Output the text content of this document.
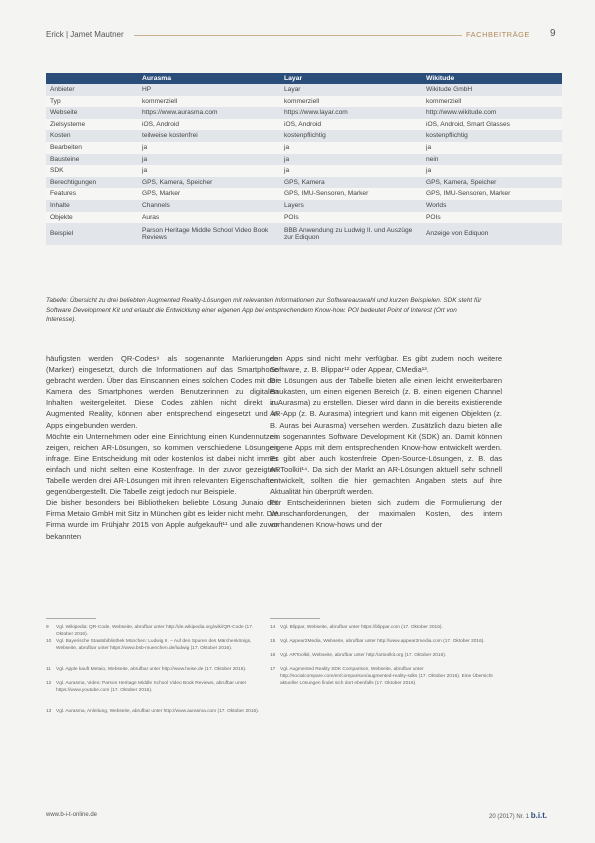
Erick | Jamet Mautner	FACHBEITRÄGE 9
	Aurasma	Layar	Wikitude
Anbieter	HP	Layar	Wikitude GmbH
Typ	kommerziell	kommerziell	kommerziell
Webseite	https://www.aurasma.com	https://www.layar.com	http://www.wikitude.com
Zielsysteme	iOS, Android	iOS, Android	iOS, Android, Smart Glasses
Kosten	teilweise kostenfrei	kostenpflichtig	kostenpflichtig
Bearbeiten	ja	ja	ja
Bausteine	ja	ja	nein
SDK	ja	ja	ja
Berechtigungen	GPS, Kamera, Speicher	GPS, Kamera	GPS, Kamera, Speicher
Features	GPS, Marker	GPS, IMU-Sensoren, Marker	GPS, IMU-Sensoren, Marker
Inhalte	Channels	Layers	Worlds
Objekte	Auras	POIs	POIs
Beispiel	Parson Heritage Middle School Video Book Reviews	BBB Anwendung zu Ludwig II. und Auszüge zur Ediquon	Anzeige von Ediquon
Tabelle: Übersicht zu drei beliebten Augmented Reality-Lösungen mit relevanten Informationen zur Softwareauswahl und kurzen Beispielen. SDK steht für Software Development Kit und erlaubt die Entwicklung einer eigenen App bei entsprechendem Know-how. POI bedeutet Point of Interest (Ort von Interesse).

häufigsten werden QR-Codes⁹ als sogenannte Markierungen (Marker) eingesetzt, durch die Informationen auf das Smartphone gebracht werden. Über das Einscannen eines solchen Codes mit der Kamera des Smartphones werden Benutzerinnen zu digitalen Inhalten weitergeleitet. Diese Codes zählen nicht direkt zu Augmented Reality, können aber entsprechend eingesetzt und in Apps eingebunden werden.

Möchte ein Unternehmen oder eine Einrichtung einen Kundennutzen zeigen, reichen AR-Lösungen, so kommen verschiedene Lösungen infrage. Eine Entscheidung mit oder kostenlos ist dabei nicht immer einfach und nicht selten eine Kostenfrage. In der zuvor gezeigten Tabelle werden drei AR-Lösungen mit ihren relevanten Eigenschaften gegenübergestellt. Die Tabelle zeigt jedoch nur Beispiele.

Die bisher besonders bei Bibliotheken beliebte Lösung Junaio der Firma Metaio GmbH mit Sitz in München gibt es leider nicht mehr. Die Firma wurde im Frühjahr 2015 von Apple aufgekauft¹¹ und alle zuvor bekannten

den Apps sind nicht mehr verfügbar. Es gibt zudem noch weitere Software, z. B. Blippar¹² oder Appear, CMedia¹³.

Die Lösungen aus der Tabelle bieten alle einen leicht erweiterbaren Baukasten, um einen eigenen Bereich (z. B. einen eigenen Channel in Aurasma) zu erstellen. Dieser wird dann in die bereits existierende AR-App (z. B. Aurasma) integriert und kann mit eigenen Objekten (z. B. Auras bei Aurasma) versehen werden. Zusätzlich dazu bieten alle ein sogenanntes Software Development Kit (SDK) an. Damit können eigene Apps mit dem entsprechenden Know-how entwickelt werden. Es gibt aber auch kostenfreie Open-Source-Lösungen, z. B. das ARToolkit¹⁴. Da sich der Markt an AR-Lösungen aktuell sehr schnell entwickelt, sollten die hier gemachten Angaben stets auf ihre Aktualität hin überprüft werden.

Für Entscheiderinnen bieten sich zudem die Formulierung der Wunschanforderungen, der maximalen Kosten, des intern vorhandenen Know-hows und der

9 Vgl. Wikipedia: QR-Code, Webseite, abrufbar unter http://de.wikipedia.org/wiki/QR-Code (17. Oktober 2016).
10 Vgl. Bayerische Staatsbibliothek München: Ludwig II. – Auf den Spuren des Märchenkönigs, Webseite, abrufbar unter https://www.bsb-muenchen.de/ludwig (17. Oktober 2016).
11 Vgl. Apple kauft Metaio, Webseite, abrufbar unter http://www.heise.de (17. Oktober 2016).
12 Vgl. Aurasma, Video: Parson Heritage Middle School Video Book Reviews, abrufbar unter https://www.youtube.com (17. Oktober 2016).
13 Vgl. Aurasma, Anleitung, Webseite, abrufbar unter http://www.aurasma.com (17. Oktober 2016).
14 Vgl. Blippar, Webseite, abrufbar unter https://blippar.com (17. Oktober 2016).
15 Vgl. Appear2Media, Webseite, abrufbar unter http://www.appear2media.com (17. Oktober 2016).
16 Vgl. ARToolkit, Webseite, abrufbar unter http://artoolkit.org (17. Oktober 2016).
17 Vgl. Augmented Reality SDK Comparison, Webseite, abrufbar unter http://socialcompare.com/en/comparison/augmented-reality-sdks (17. Oktober 2016). Eine Übersicht aktueller Lösungen findet sich dort ebenfalls (17. Oktober 2016).
www.b-i-t-online.de	20 (2017) Nr. 1 b.i.t.
